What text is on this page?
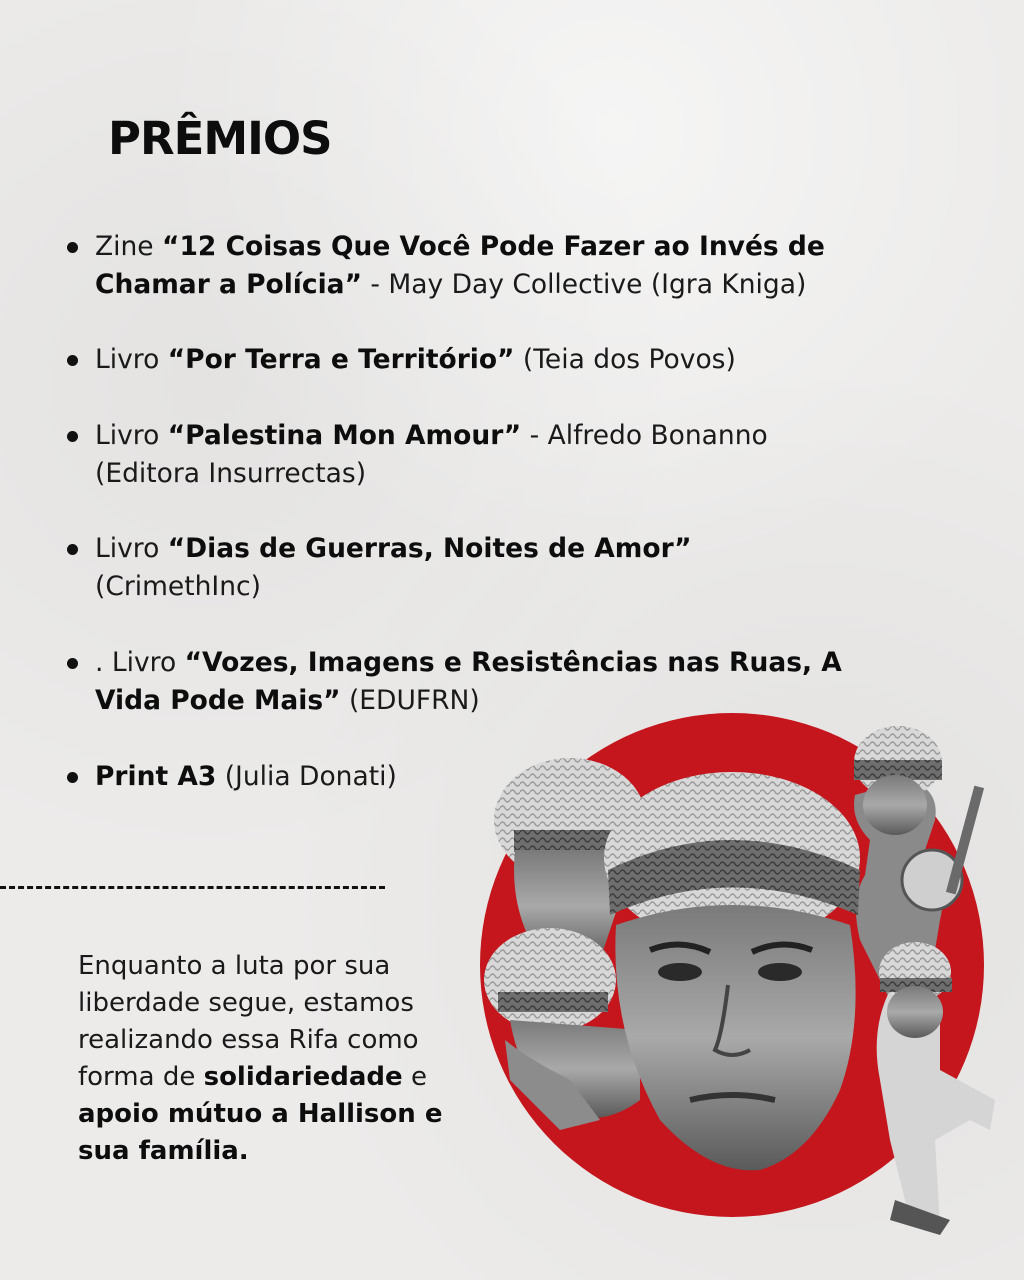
PRÊMIOS
Zine “12 Coisas Que Você Pode Fazer ao Invés de Chamar a Polícia” - May Day Collective (Igra Kniga)
Livro “Por Terra e Território” (Teia dos Povos)
Livro “Palestina Mon Amour” - Alfredo Bonanno (Editora Insurrectas)
Livro “Dias de Guerras, Noites de Amor” (CrimethInc)
. Livro “Vozes, Imagens e Resistências nas Ruas, A Vida Pode Mais” (EDUFRN)
Print A3 (Julia Donati)

Enquanto a luta por sua liberdade segue, estamos realizando essa Rifa como forma de solidariedade e apoio mútuo a Hallison e sua família.
